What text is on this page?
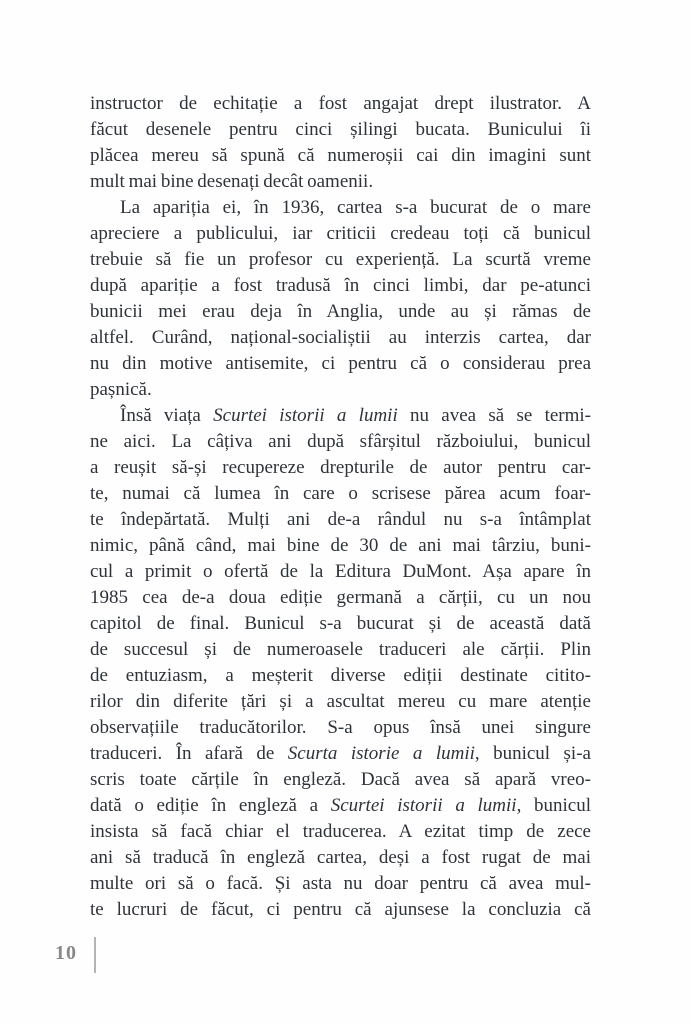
instructor de echitație a fost angajat drept ilustrator. A
făcut desenele pentru cinci șilingi bucata. Bunicului îi
plăcea mereu să spună că numeroșii cai din imagini sunt
mult mai bine desenați decât oamenii.
La apariția ei, în 1936, cartea s-a bucurat de o mare
apreciere a publicului, iar criticii credeau toți că bunicul
trebuie să fie un profesor cu experiență. La scurtă vreme
după apariție a fost tradusă în cinci limbi, dar pe-atunci
bunicii mei erau deja în Anglia, unde au și rămas de
altfel. Curând, național-socialiștii au interzis cartea, dar
nu din motive antisemite, ci pentru că o considerau prea
pașnică.
Însă viața Scurtei istorii a lumii nu avea să se termi-
ne aici. La câțiva ani după sfârșitul războiului, bunicul
a reușit să-și recupereze drepturile de autor pentru car-
te, numai că lumea în care o scrisese părea acum foar-
te îndepărtată. Mulți ani de-a rândul nu s-a întâmplat
nimic, până când, mai bine de 30 de ani mai târziu, buni-
cul a primit o ofertă de la Editura DuMont. Așa apare în
1985 cea de-a doua ediție germană a cărții, cu un nou
capitol de final. Bunicul s-a bucurat și de această dată
de succesul și de numeroasele traduceri ale cărții. Plin
de entuziasm, a meșterit diverse ediții destinate citito-
rilor din diferite țări și a ascultat mereu cu mare atenție
observațiile traducătorilor. S-a opus însă unei singure
traduceri. În afară de Scurta istorie a lumii, bunicul și-a
scris toate cărțile în engleză. Dacă avea să apară vreo-
dată o ediție în engleză a Scurtei istorii a lumii, bunicul
insista să facă chiar el traducerea. A ezitat timp de zece
ani să traducă în engleză cartea, deși a fost rugat de mai
multe ori să o facă. Și asta nu doar pentru că avea mul-
te lucruri de făcut, ci pentru că ajunsese la concluzia că
10
